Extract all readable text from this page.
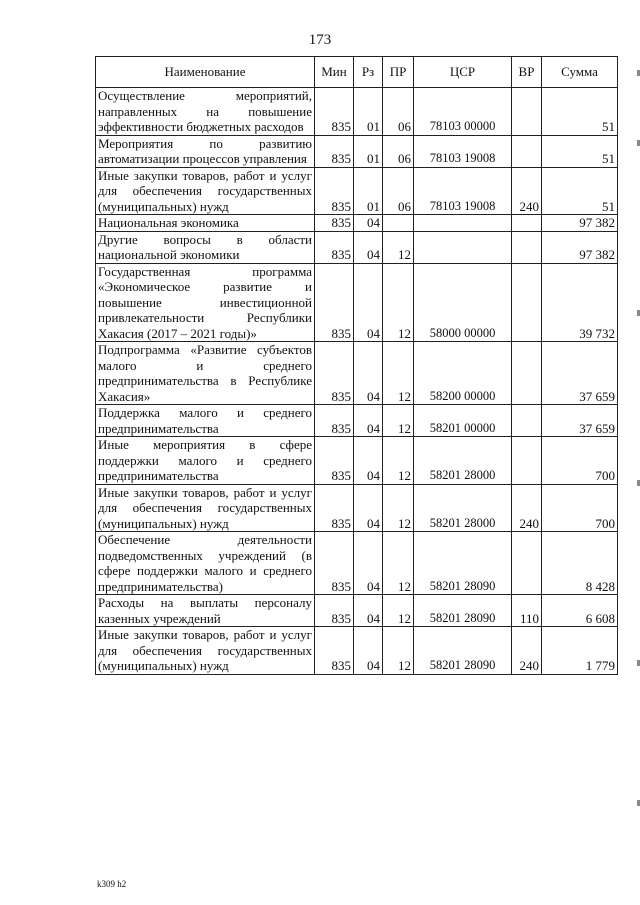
173
Наименование	Мин	Рз	ПР	ЦСР	ВР	Сумма
Осуществление мероприятий, направленных на повышение эффективности бюджетных расходов	835	01	06	78103 00000		51
Мероприятия по развитию автоматизации процессов управления	835	01	06	78103 19008		51
Иные закупки товаров, работ и услуг для обеспечения государственных (муниципальных) нужд	835	01	06	78103 19008	240	51
Национальная экономика	835	04				97 382
Другие вопросы в области национальной экономики	835	04	12			97 382
Государственная программа «Экономическое развитие и повышение инвестиционной привлекательности Республики Хакасия (2017 – 2021 годы)»	835	04	12	58000 00000		39 732
Подпрограмма «Развитие субъектов малого и среднего предпринимательства в Республике Хакасия»	835	04	12	58200 00000		37 659
Поддержка малого и среднего предпринимательства	835	04	12	58201 00000		37 659
Иные мероприятия в сфере поддержки малого и среднего предпринимательства	835	04	12	58201 28000		700
Иные закупки товаров, работ и услуг для обеспечения государственных (муниципальных) нужд	835	04	12	58201 28000	240	700
Обеспечение деятельности подведомственных учреждений (в сфере поддержки малого и среднего предпринимательства)	835	04	12	58201 28090		8 428
Расходы на выплаты персоналу казенных учреждений	835	04	12	58201 28090	110	6 608
Иные закупки товаров, работ и услуг для обеспечения государственных (муниципальных) нужд	835	04	12	58201 28090	240	1 779
k309 h2
